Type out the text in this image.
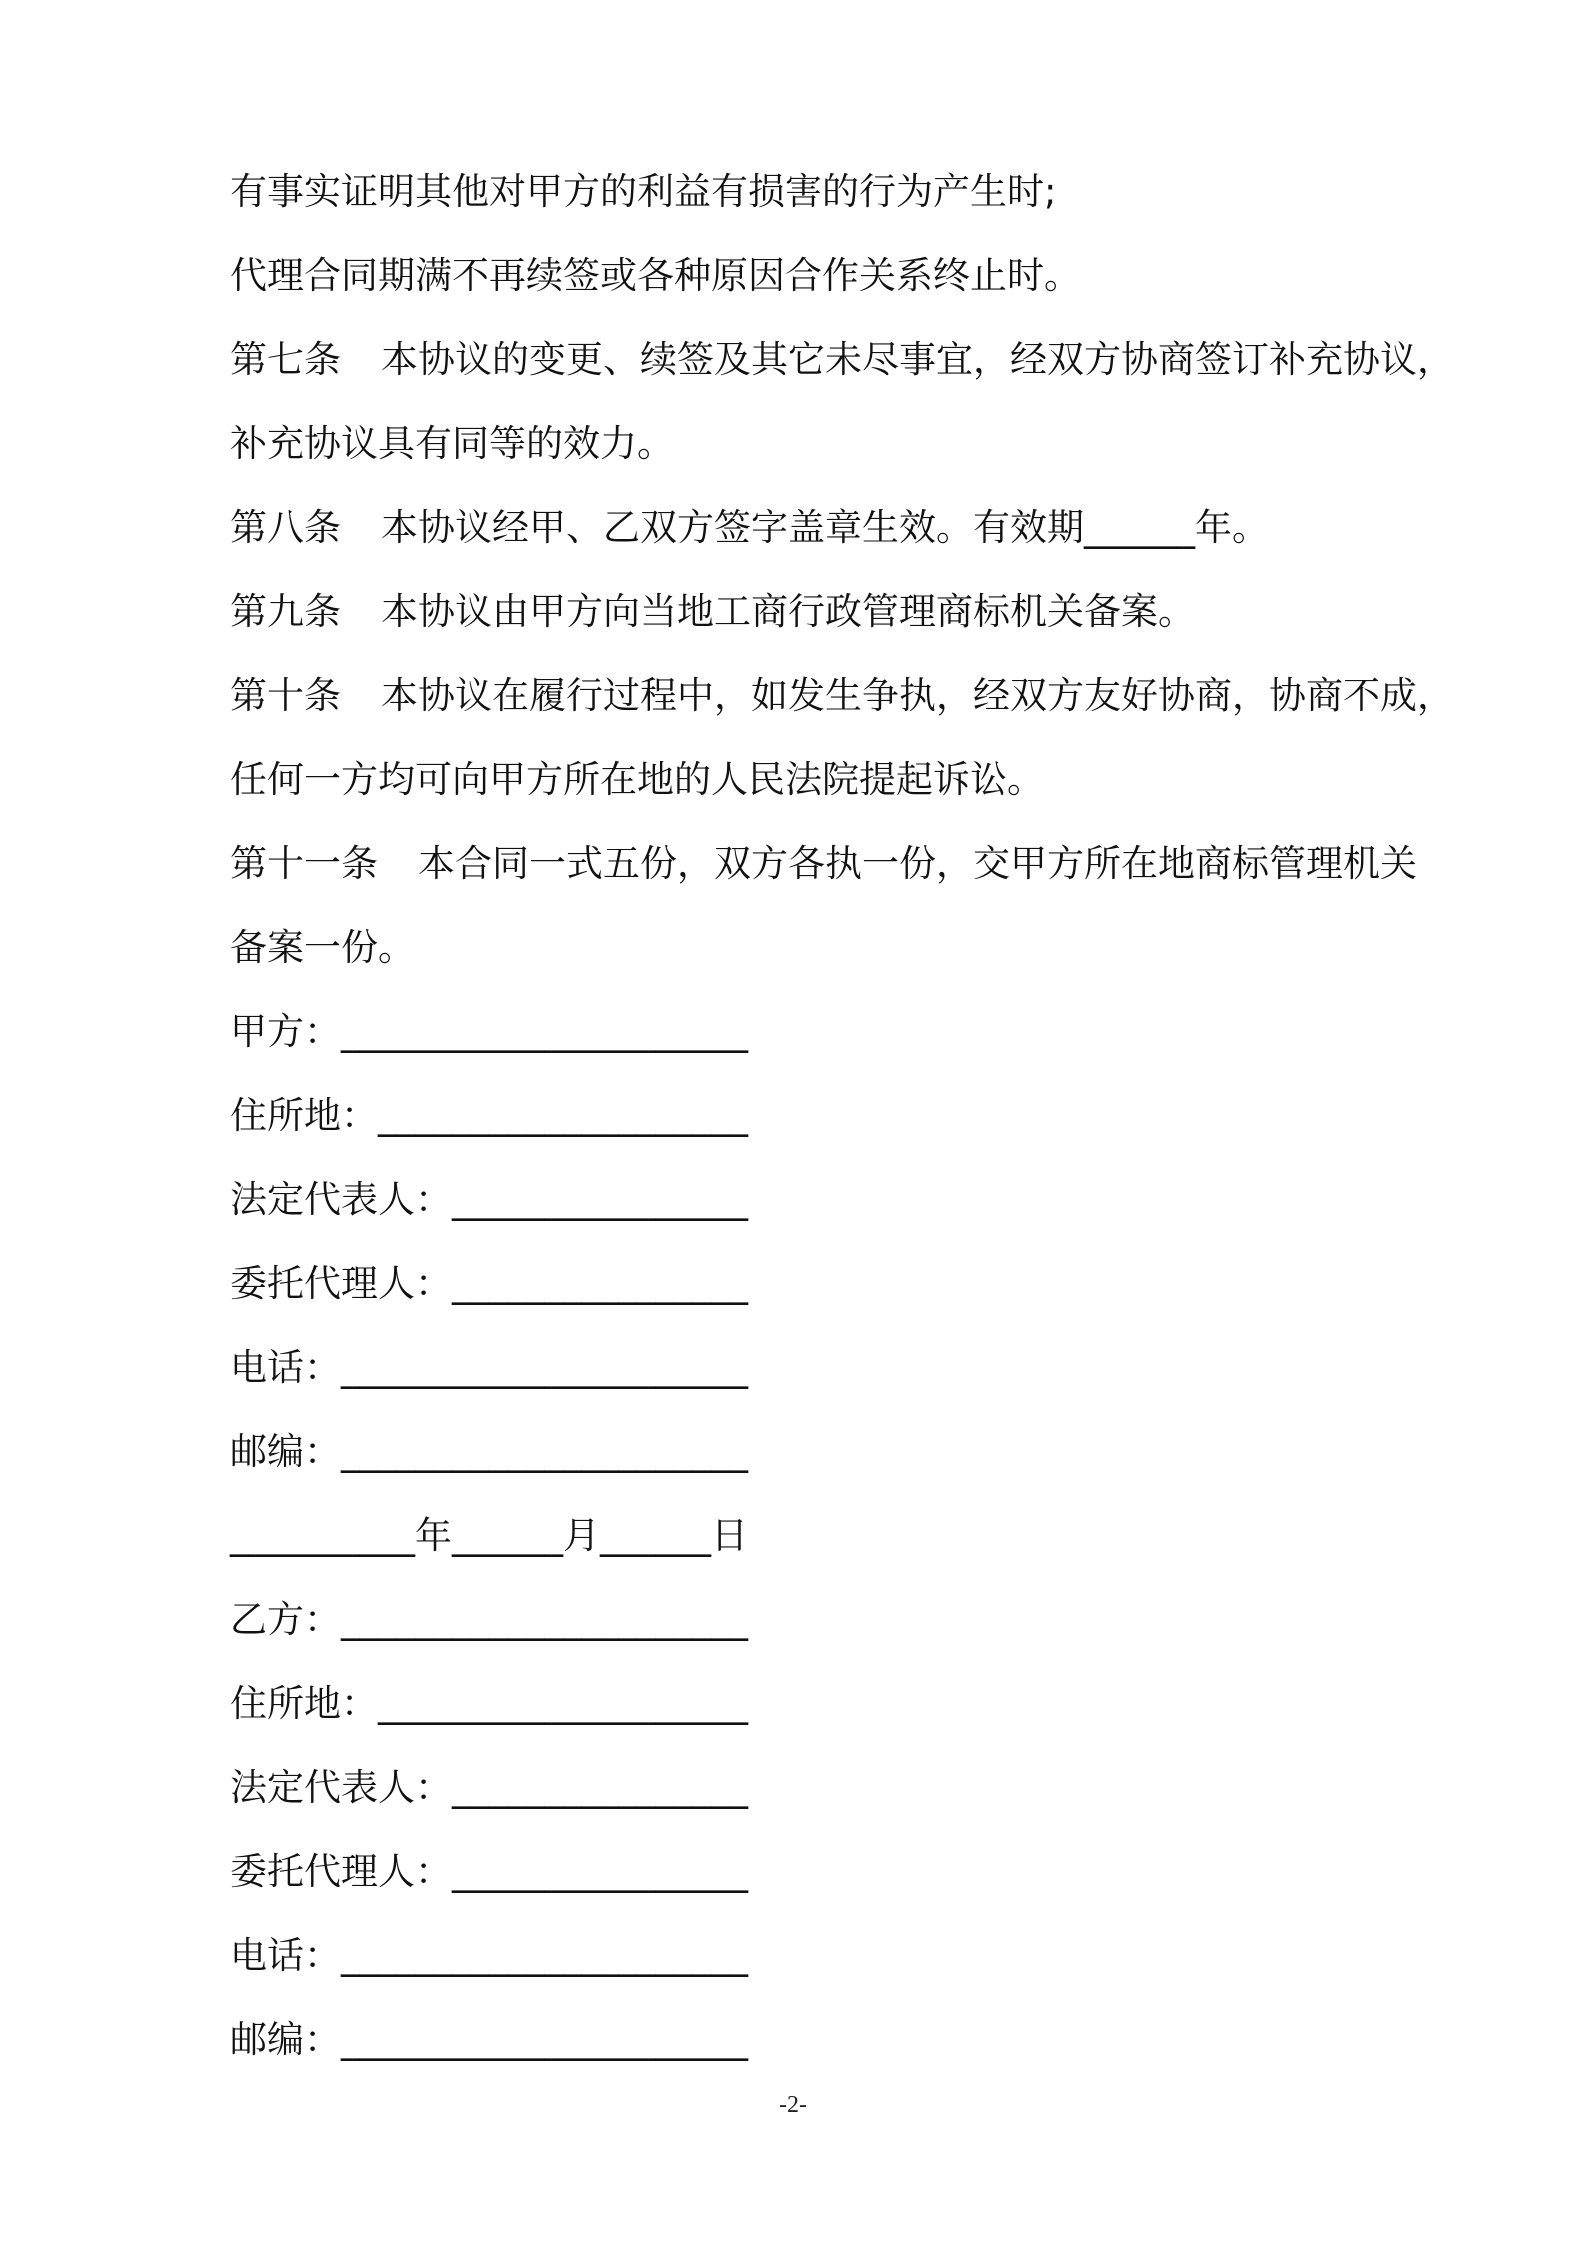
有事实证明其他对甲方的利益有损害的行为产生时;
代理合同期满不再续签或各种原因合作关系终止时。
第七条 本协议的变更、续签及其它未尽事宜，经双方协商签订补充协议，
补充协议具有同等的效力。
第八条 本协议经甲、乙双方签字盖章生效。有效期______年。
第九条 本协议由甲方向当地工商行政管理商标机关备案。
第十条 本协议在履行过程中，如发生争执，经双方友好协商，协商不成，
任何一方均可向甲方所在地的人民法院提起诉讼。
第十一条 本合同一式五份，双方各执一份，交甲方所在地商标管理机关
备案一份。
甲方：______________________
住所地：____________________
法定代表人：________________
委托代理人：________________
电话：______________________
邮编：______________________
__________年______月______日
乙方：______________________
住所地：____________________
法定代表人：________________
委托代理人：________________
电话：______________________
邮编：______________________
-2-
